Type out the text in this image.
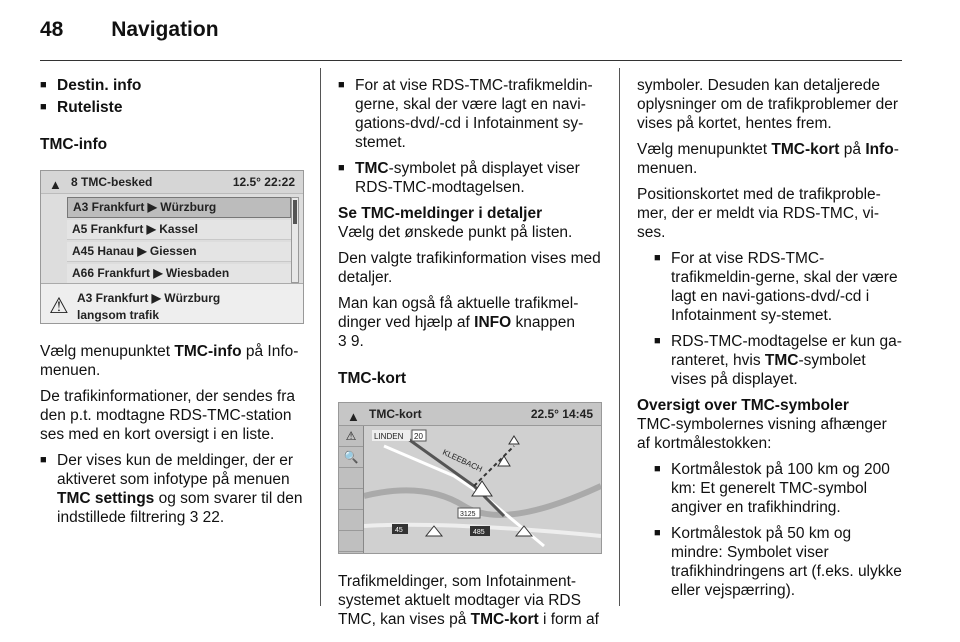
48 Navigation
■ Destin. info
■ Ruteliste
TMC-info
▲ 8 TMC-besked	12.5° 22:22
A3 Frankfurt ▶ Würzburg
A5 Frankfurt ▶ Kassel
A45 Hanau ▶ Giessen
A66 Frankfurt ▶ Wiesbaden
⚠ A3 Frankfurt ▶ Würzburg
langsom trafik

Vælg menupunktet TMC-info på Info-menuen.

De trafikinformationer, der sendes fra den p.t. modtagne RDS-TMC-station ses med en kort oversigt i en liste.

■ Der vises kun de meldinger, der er aktiveret som infotype på menuen TMC settings og som svarer til den indstillede filtrering 3 22.
■ For at vise RDS-TMC-trafikmeldin-gerne, skal der være lagt en navi-gations-dvd/-cd i Infotainment sy-stemet.
■ TMC-symbolet på displayet viser RDS-TMC-modtagelsen.
Se TMC-meldinger i detaljer

Vælg det ønskede punkt på listen.

Den valgte trafikinformation vises med detaljer.

Man kan også få aktuelle trafikmel-dinger ved hjælp af INFO knappen
3 9.

TMC-kort
▲ TMC-kort	22.5° 14:45
⚠
🔍
LINDEN 20
KLEEBACH
3125
45	485

Trafikmeldinger, som Infotainment-systemet aktuelt modtager via RDS TMC, kan vises på TMC-kort i form af

symboler. Desuden kan detaljerede oplysninger om de trafikproblemer der vises på kortet, hentes frem.

Vælg menupunktet TMC-kort på Info-menuen.

Positionskortet med de trafikproble-mer, der er meldt via RDS-TMC, vi-ses.

■ For at vise RDS-TMC-trafikmeldin-gerne, skal der være lagt en navi-gations-dvd/-cd i Infotainment sy-stemet.
■ RDS-TMC-modtagelse er kun ga-ranteret, hvis TMC-symbolet vises på displayet.
Oversigt over TMC-symboler

TMC-symbolernes visning afhænger af kortmålestokken:

■ Kortmålestok på 100 km og 200 km: Et generelt TMC-symbol angiver en trafikhindring.
■ Kortmålestok på 50 km og mindre: Symbolet viser trafikhindringens art (f.eks. ulykke eller vejspærring).
